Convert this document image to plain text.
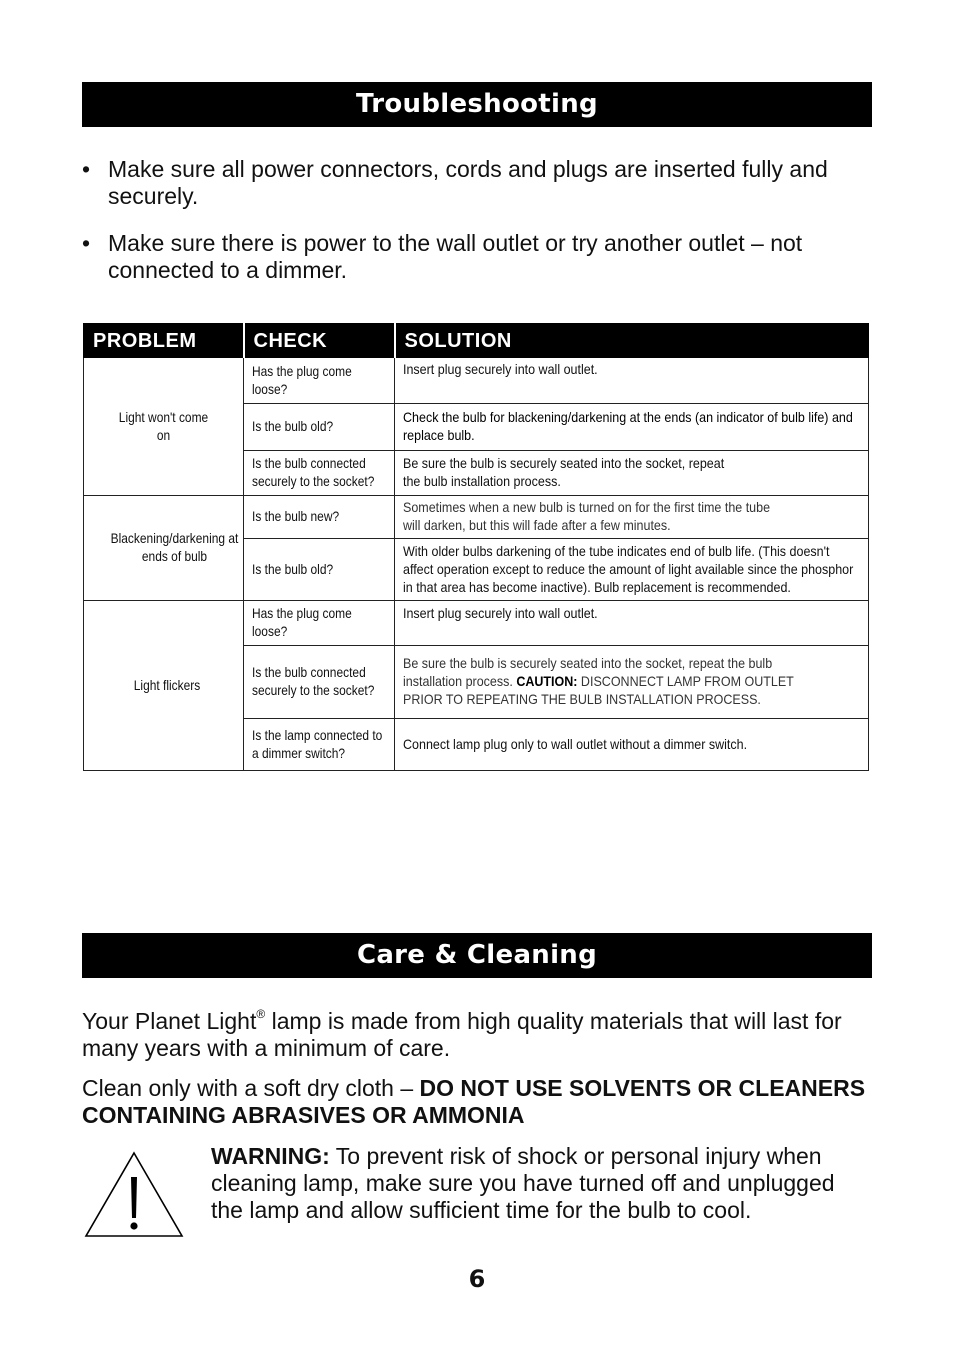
Troubleshooting
• Make sure all power connectors, cords and plugs are inserted fully and securely.
• Make sure there is power to the wall outlet or try another outlet – not connected to a dimmer.
PROBLEM	CHECK	SOLUTION
Light won't come on	Has the plug come loose?	Insert plug securely into wall outlet.

	Is the bulb old?	Check the bulb for blackening/darkening at the ends (an indicator of bulb life) and replace bulb.

	Is the bulb connected securely to the socket?	Be sure the bulb is securely seated into the socket, repeat the bulb installation process.

Blackening/darkening at ends of bulb	Is the bulb new?	Sometimes when a new bulb is turned on for the first time the tube will darken, but this will fade after a few minutes.

	Is the bulb old?	With older bulbs darkening of the tube indicates end of bulb life. (This doesn't affect operation except to reduce the amount of light available since the phosphor in that area has become inactive). Bulb replacement is recommended.

Light flickers	Has the plug come loose?	Insert plug securely into wall outlet.

	Is the bulb connected securely to the socket?	Be sure the bulb is securely seated into the socket, repeat the bulb installation process. CAUTION: DISCONNECT LAMP FROM OUTLET PRIOR TO REPEATING THE BULB INSTALLATION PROCESS.

	Is the lamp connected to a dimmer switch?	Connect lamp plug only to wall outlet without a dimmer switch.
Care & Cleaning

Your Planet Light® lamp is made from high quality materials that will last for many years with a minimum of care.

Clean only with a soft dry cloth – DO NOT USE SOLVENTS OR CLEANERS CONTAINING ABRASIVES OR AMMONIA

WARNING: To prevent risk of shock or personal injury when cleaning lamp, make sure you have turned off and unplugged the lamp and allow sufficient time for the bulb to cool.

6
